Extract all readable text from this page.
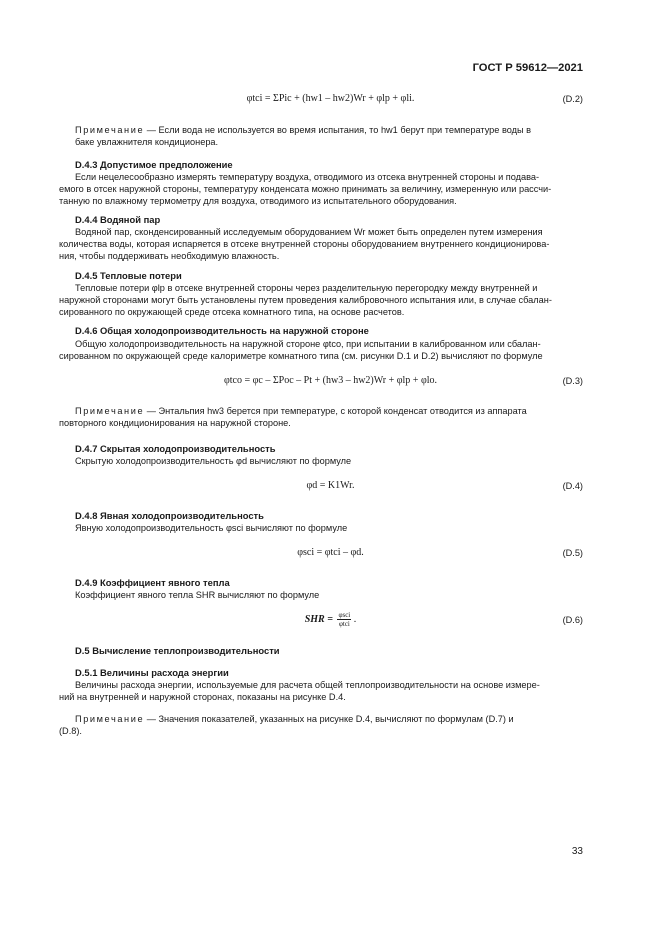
ГОСТ Р 59612—2021
φtci = ΣPic + (hw1 – hw2)Wr + φlp + φli.	(D.2)
Примечание — Если вода не используется во время испытания, то hw1 берут при температуре воды в
баке увлажнителя кондиционера.
D.4.3 Допустимое предположение
Если нецелесообразно измерять температуру воздуха, отводимого из отсека внутренней стороны и подава-
емого в отсек наружной стороны, температуру конденсата можно принимать за величину, измеренную или рассчи-
танную по влажному термометру для воздуха, отводимого из испытательного оборудования.
D.4.4 Водяной пар
Водяной пар, сконденсированный исследуемым оборудованием Wr может быть определен путем измерения
количества воды, которая испаряется в отсеке внутренней стороны оборудованием внутреннего кондиционирова-
ния, чтобы поддерживать необходимую влажность.
D.4.5 Тепловые потери
Тепловые потери φlp в отсеке внутренней стороны через разделительную перегородку между внутренней и
наружной сторонами могут быть установлены путем проведения калибровочного испытания или, в случае сбалан-
сированного по окружающей среде отсека комнатного типа, на основе расчетов.
D.4.6 Общая холодопроизводительность на наружной стороне
Общую холодопроизводительность на наружной стороне φtco, при испытании в калиброванном или сбалан-
сированном по окружающей среде калориметре комнатного типа (см. рисунки D.1 и D.2) вычисляют по формуле
φtco = φc – ΣPoc – Pt + (hw3 – hw2)Wr + φlp + φlo.	(D.3)
Примечание — Энтальпия hw3 берется при температуре, с которой конденсат отводится из аппарата
повторного кондиционирования на наружной стороне.
D.4.7 Скрытая холодопроизводительность
Скрытую холодопроизводительность φd вычисляют по формуле
φd = K1Wr.	(D.4)
D.4.8 Явная холодопроизводительность
Явную холодопроизводительность φsci вычисляют по формуле
φsci = φtci – φd.	(D.5)
D.4.9 Коэффициент явного тепла
Коэффициент явного тепла SHR вычисляют по формуле
SHR = $\frac{\text{φsci}}{\text{φtci}}$ .	(D.6)
D.5 Вычисление теплопроизводительности
D.5.1 Величины расхода энергии
Величины расхода энергии, используемые для расчета общей теплопроизводительности на основе измере-
ний на внутренней и наружной сторонах, показаны на рисунке D.4.
Примечание — Значения показателей, указанных на рисунке D.4, вычисляют по формулам (D.7) и
(D.8).
33
